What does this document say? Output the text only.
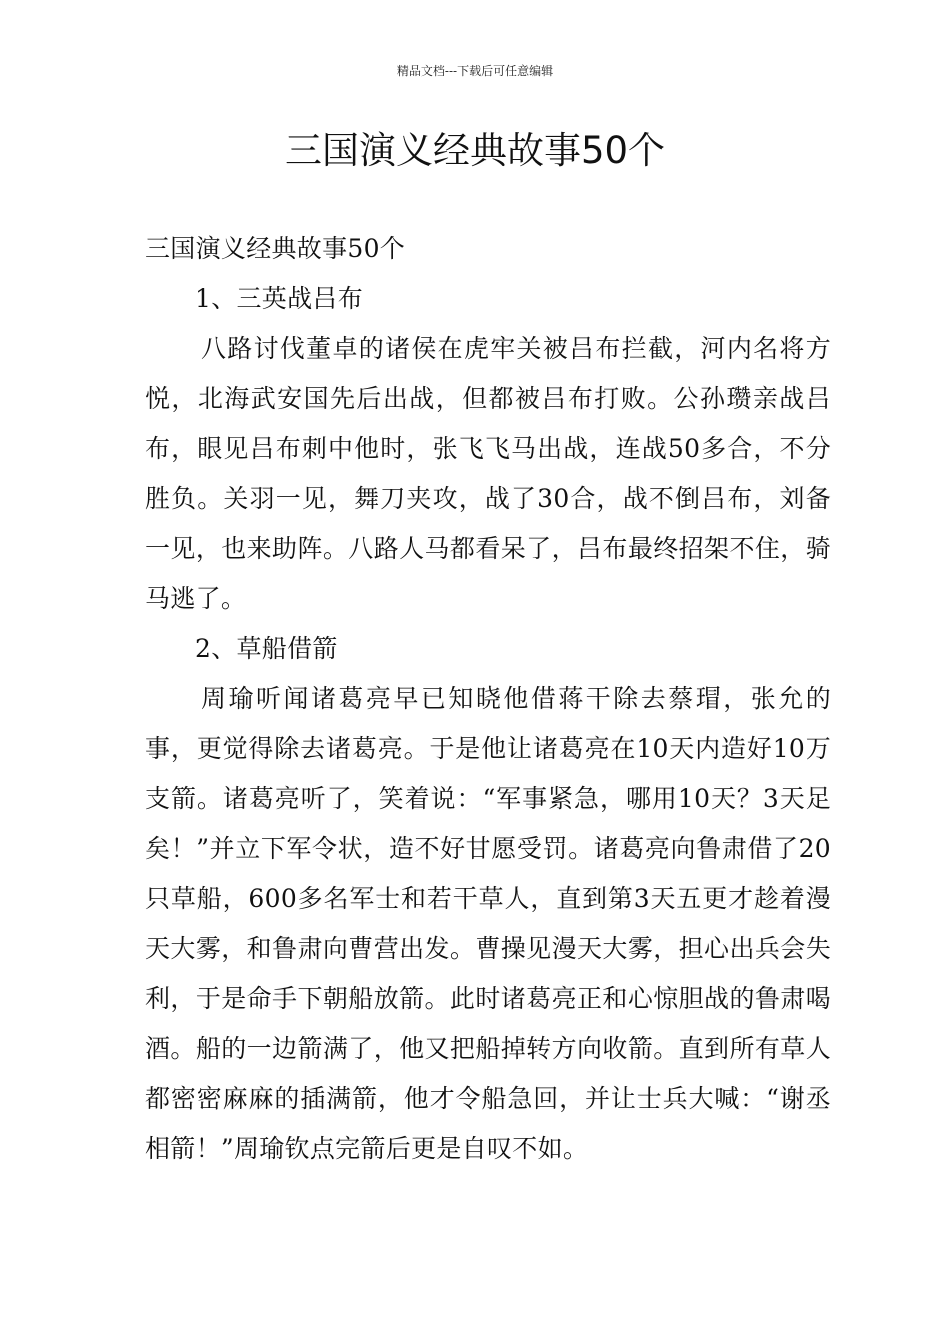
精品文档---下载后可任意编辑
三国演义经典故事50个

三国演义经典故事50个

1、三英战吕布

八路讨伐董卓的诸侯在虎牢关被吕布拦截，河内名将方悦，北海武安国先后出战，但都被吕布打败。公孙瓒亲战吕布，眼见吕布刺中他时，张飞飞马出战，连战50多合，不分胜负。关羽一见，舞刀夹攻，战了30合，战不倒吕布，刘备一见，也来助阵。八路人马都看呆了，吕布最终招架不住，骑马逃了。

2、草船借箭

周瑜听闻诸葛亮早已知晓他借蒋干除去蔡瑁，张允的事，更觉得除去诸葛亮。于是他让诸葛亮在10天内造好10万支箭。诸葛亮听了，笑着说：“军事紧急，哪用10天？3天足矣！”并立下军令状，造不好甘愿受罚。诸葛亮向鲁肃借了20只草船，600多名军士和若干草人，直到第3天五更才趁着漫天大雾，和鲁肃向曹营出发。曹操见漫天大雾，担心出兵会失利，于是命手下朝船放箭。此时诸葛亮正和心惊胆战的鲁肃喝酒。船的一边箭满了，他又把船掉转方向收箭。直到所有草人都密密麻麻的插满箭，他才令船急回，并让士兵大喊：“谢丞相箭！”周瑜钦点完箭后更是自叹不如。
